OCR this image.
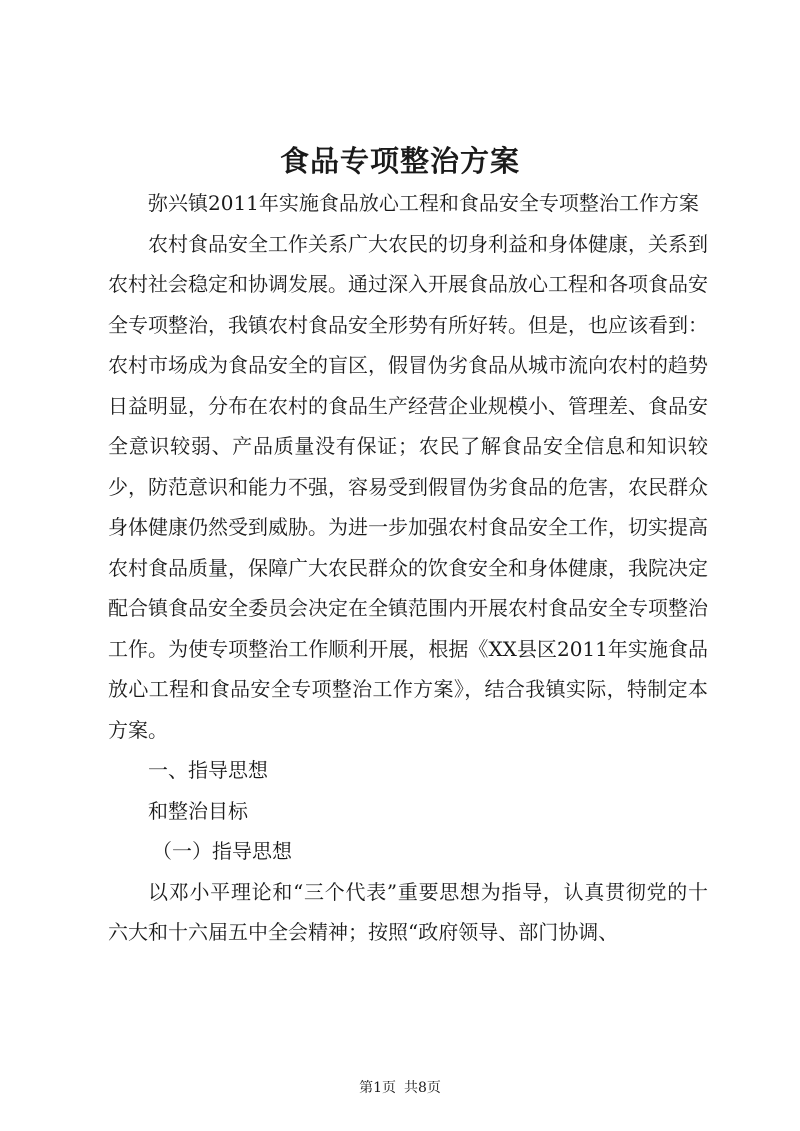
食品专项整治方案

弥兴镇2011年实施食品放心工程和食品安全专项整治工作方案

农村食品安全工作关系广大农民的切身利益和身体健康，关系到农村社会稳定和协调发展。通过深入开展食品放心工程和各项食品安全专项整治，我镇农村食品安全形势有所好转。但是，也应该看到：农村市场成为食品安全的盲区，假冒伪劣食品从城市流向农村的趋势日益明显，分布在农村的食品生产经营企业规模小、管理差、食品安全意识较弱、产品质量没有保证；农民了解食品安全信息和知识较少，防范意识和能力不强，容易受到假冒伪劣食品的危害，农民群众身体健康仍然受到威胁。为进一步加强农村食品安全工作，切实提高农村食品质量，保障广大农民群众的饮食安全和身体健康，我院决定配合镇食品安全委员会决定在全镇范围内开展农村食品安全专项整治工作。为使专项整治工作顺利开展，根据《XX县区2011年实施食品放心工程和食品安全专项整治工作方案》，结合我镇实际，特制定本方案。

一、指导思想

和整治目标

（一）指导思想

以邓小平理论和“三个代表”重要思想为指导，认真贯彻党的十六大和十六届五中全会精神；按照“政府领导、部门协调、

第1页 共8页
